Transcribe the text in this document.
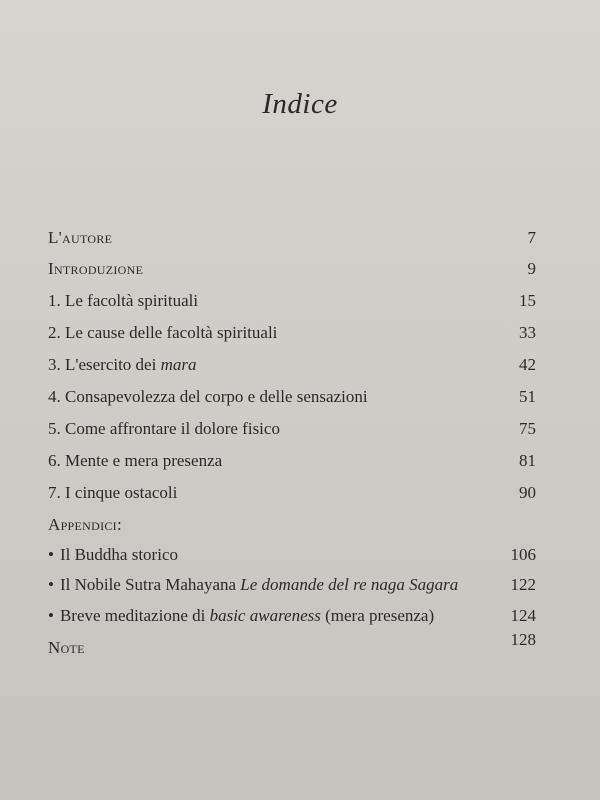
Indice
L'autore	7
Introduzione	9
1. Le facoltà spirituali	15
2. Le cause delle facoltà spirituali	33
3. L'esercito dei mara	42
4. Consapevolezza del corpo e delle sensazioni	51
5. Come affrontare il dolore fisico	75
6. Mente e mera presenza	81
7. I cinque ostacoli	90
Appendici:
• Il Buddha storico	106
• Il Nobile Sutra Mahayana Le domande del re naga Sagara	122
• Breve meditazione di basic awareness (mera presenza)	124
Note	128
